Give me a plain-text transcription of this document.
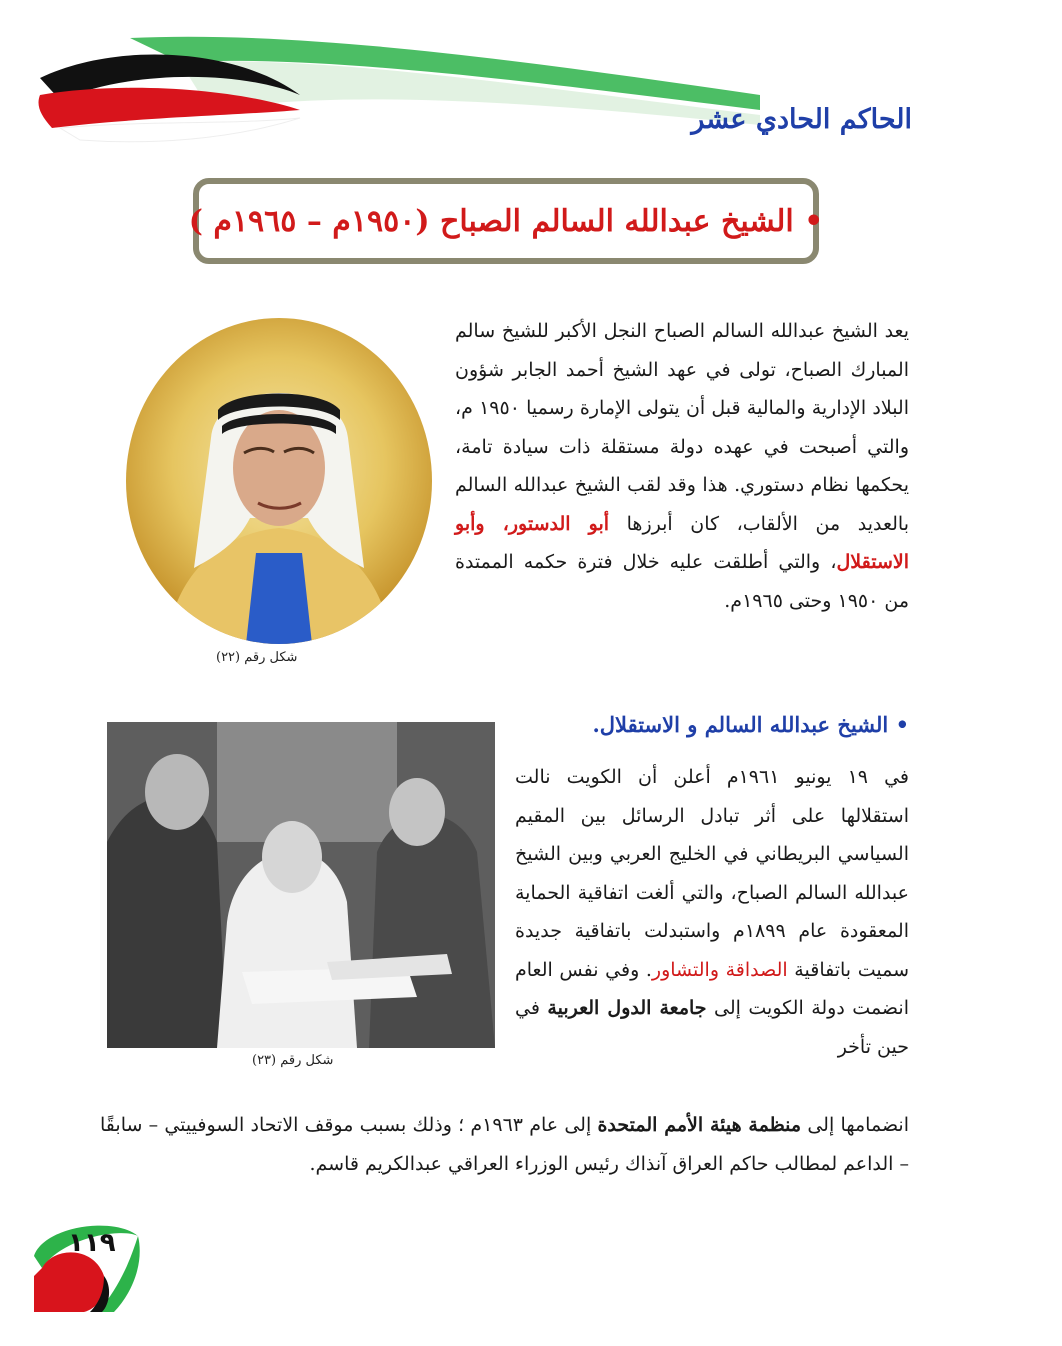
الحاكم الحادي عشر
• الشيخ عبدالله السالم الصباح (١٩٥٠م – ١٩٦٥م )
شكل رقم (٢٢)
يعد الشيخ عبدالله السالم الصباح النجل الأكبر للشيخ سالم المبارك الصباح، تولى في عهد الشيخ أحمد الجابر شؤون البلاد الإدارية والمالية قبل أن يتولى الإمارة رسميا ١٩٥٠ م، والتي أصبحت في عهده دولة مستقلة ذات سيادة تامة، يحكمها نظام دستوري. هذا وقد لقب الشيخ عبدالله السالم بالعديد من الألقاب، كان أبرزها أبو الدستور، وأبو الاستقلال، والتي أطلقت عليه خلال فترة حكمه الممتدة من ١٩٥٠ وحتى ١٩٦٥م.
• الشيخ عبدالله السالم و الاستقلال.
شكل رقم (٢٣)
في ١٩ يونيو ١٩٦١م أعلن أن الكويت نالت استقلالها على أثر تبادل الرسائل بين المقيم السياسي البريطاني في الخليج العربي وبين الشيخ عبدالله السالم الصباح، والتي ألغت اتفاقية الحماية المعقودة عام ١٨٩٩م واستبدلت باتفاقية جديدة سميت باتفاقية الصداقة والتشاور. وفي نفس العام انضمت دولة الكويت إلى جامعة الدول العربية في حين تأخر
انضمامها إلى منظمة هيئة الأمم المتحدة إلى عام ١٩٦٣م ؛ وذلك بسبب موقف الاتحاد السوفييتي – سابقًا – الداعم لمطالب حاكم العراق آنذاك رئيس الوزراء العراقي عبدالكريم قاسم.
١١٩
